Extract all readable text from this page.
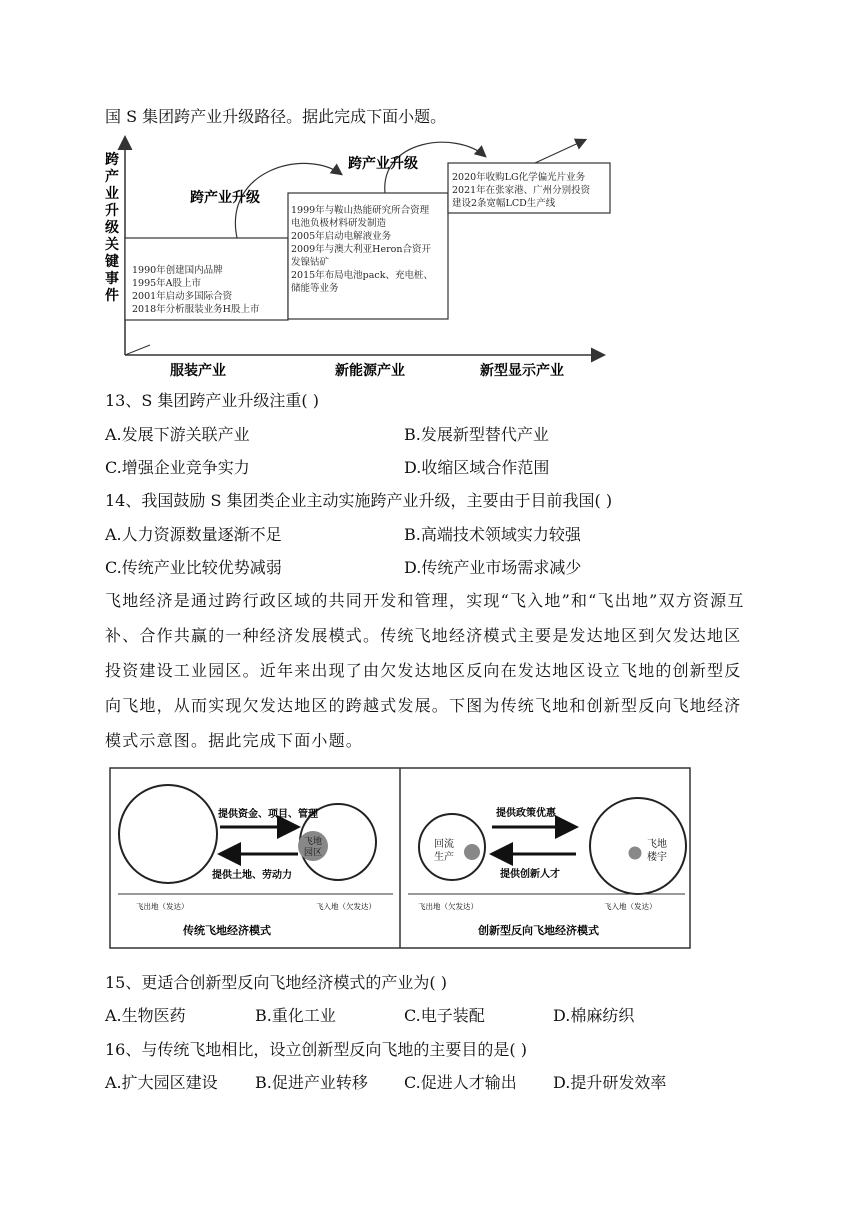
国 S 集团跨产业升级路径。据此完成下面小题。
跨
产
业
升
级
关
键
事
件
1990年创建国内品牌
1995年A股上市
2001年启动多国际合资
2018年分析服装业务H股上市
1999年与鞍山热能研究所合资理
电池负极材料研发制造
2005年启动电解液业务
2009年与澳大利亚Heron合资开
发镍钴矿
2015年布局电池pack、充电桩、
储能等业务
2020年收购LG化学偏光片业务
2021年在张家港、广州分别投资
建设2条宽幅LCD生产线
跨产业升级
跨产业升级
服装产业	新能源产业	新型显示产业
13、S 集团跨产业升级注重( )
A.发展下游关联产业	B.发展新型替代产业
C.增强企业竞争实力	D.收缩区域合作范围
14、我国鼓励 S 集团类企业主动实施跨产业升级，主要由于目前我国( )
A.人力资源数量逐渐不足	B.高端技术领域实力较强
C.传统产业比较优势减弱	D.传统产业市场需求减少
飞地经济是通过跨行政区域的共同开发和管理，实现“飞入地”和“飞出地”双方资源互
补、合作共赢的一种经济发展模式。传统飞地经济模式主要是发达地区到欠发达地区
投资建设工业园区。近年来出现了由欠发达地区反向在发达地区设立飞地的创新型反
向飞地，从而实现欠发达地区的跨越式发展。下图为传统飞地和创新型反向飞地经济
模式示意图。据此完成下面小题。
飞地
园区
提供资金、项目、管理
提供土地、劳动力
飞出地（发达）	飞入地（欠发达）
传统飞地经济模式
回流
生产
飞地
楼宇
提供政策优惠
提供创新人才
飞出地（欠发达）	飞入地（发达）
创新型反向飞地经济模式
15、更适合创新型反向飞地经济模式的产业为( )
A.生物医药	B.重化工业	C.电子装配	D.棉麻纺织
16、与传统飞地相比，设立创新型反向飞地的主要目的是( )
A.扩大园区建设 B.促进产业转移 C.促进人才输出 D.提升研发效率
